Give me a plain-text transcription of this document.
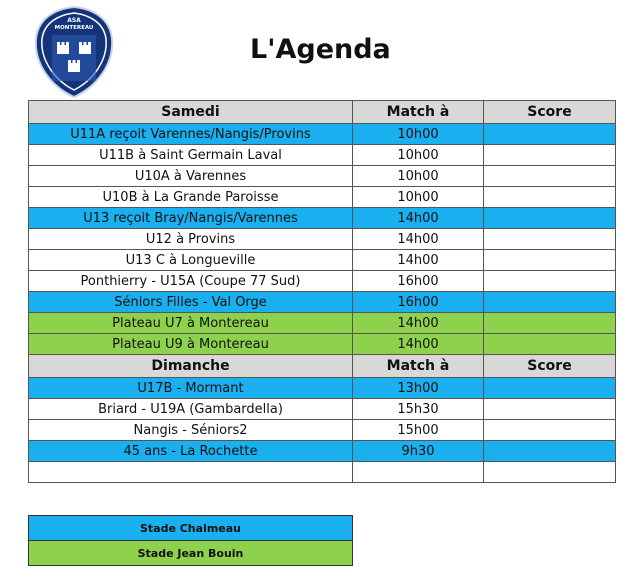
ASA
MONTEREAU
L'Agenda
Samedi	Match à	Score
U11A reçoit Varennes/Nangis/Provins	10h00	
U11B à Saint Germain Laval	10h00	
U10A à Varennes	10h00	
U10B à La Grande Paroisse	10h00	
U13 reçoit Bray/Nangis/Varennes	14h00	
U12 à Provins	14h00	
U13 C à Longueville	14h00	
Ponthierry - U15A (Coupe 77 Sud)	16h00	
Séniors Filles - Val Orge	16h00	
Plateau U7 à Montereau	14h00	
Plateau U9 à Montereau	14h00	
Dimanche	Match à	Score
U17B - Mormant	13h00	
Briard - U19A (Gambardella)	15h30	
Nangis - Séniors2	15h00	
45 ans - La Rochette	9h30	

Stade Chalmeau
Stade Jean Bouin
